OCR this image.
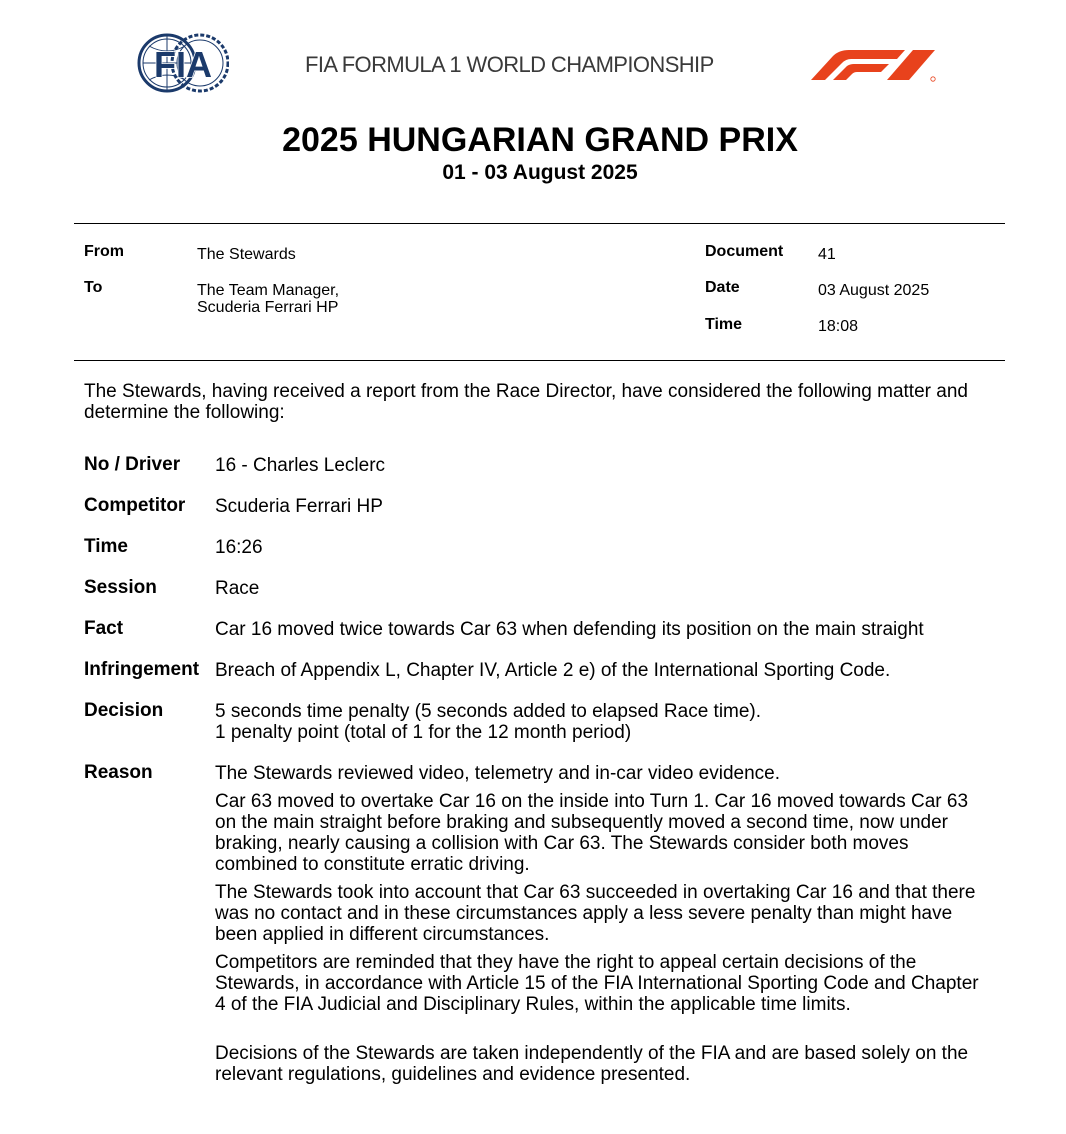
FIA	FIA FORMULA 1 WORLD CHAMPIONSHIP
2025 HUNGARIAN GRAND PRIX
01 - 03 August 2025
From	The Stewards
To	The Team Manager,
Scuderia Ferrari HP
Document 41
Date	03 August 2025
Time	18:08
The Stewards, having received a report from the Race Director, have considered the following matter and determine the following:
No / Driver 16 - Charles Leclerc
Competitor Scuderia Ferrari HP
Time	16:26
Session	Race
Fact	Car 16 moved twice towards Car 63 when defending its position on the main straight
Infringement Breach of Appendix L, Chapter IV, Article 2 e) of the International Sporting Code.
Decision	5 seconds time penalty (5 seconds added to elapsed Race time).

1 penalty point (total of 1 for the 12 month period)

Reason	The Stewards reviewed video, telemetry and in-car video evidence.

Car 63 moved to overtake Car 16 on the inside into Turn 1. Car 16 moved towards Car 63 on the main straight before braking and subsequently moved a second time, now under braking, nearly causing a collision with Car 63. The Stewards consider both moves combined to constitute erratic driving.

The Stewards took into account that Car 63 succeeded in overtaking Car 16 and that there was no contact and in these circumstances apply a less severe penalty than might have been applied in different circumstances.

Competitors are reminded that they have the right to appeal certain decisions of the Stewards, in accordance with Article 15 of the FIA International Sporting Code and Chapter 4 of the FIA Judicial and Disciplinary Rules, within the applicable time limits.

Decisions of the Stewards are taken independently of the FIA and are based solely on the relevant regulations, guidelines and evidence presented.
